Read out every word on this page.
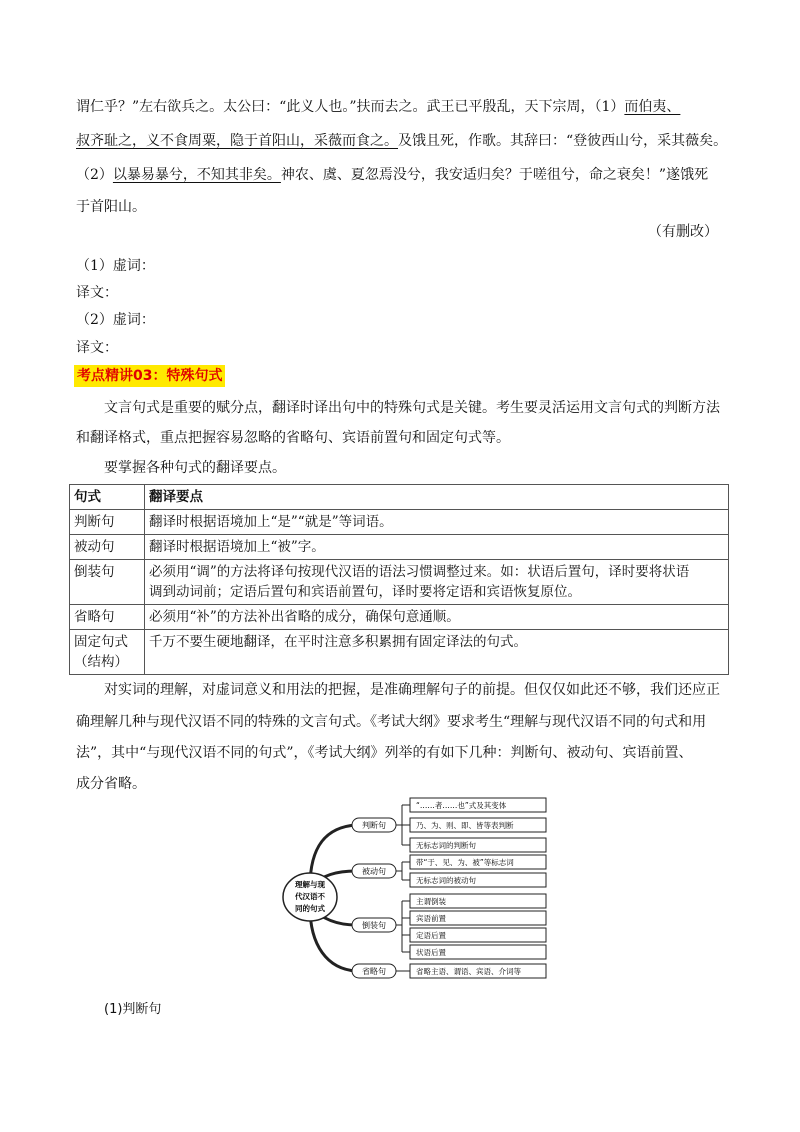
谓仁乎？”左右欲兵之。太公曰：“此义人也。”扶而去之。武王已平殷乱，天下宗周，（1）而伯夷、
叔齐耻之，义不食周粟，隐于首阳山，采薇而食之。及饿且死，作歌。其辞曰：“登彼西山兮，采其薇矣。
（2）以暴易暴兮，不知其非矣。神农、虞、夏忽焉没兮，我安适归矣？于嗟徂兮，命之衰矣！”遂饿死
于首阳山。
（有删改）
（1）虚词：
译文：
（2）虚词：
译文：
考点精讲03：特殊句式
文言句式是重要的赋分点，翻译时译出句中的特殊句式是关键。考生要灵活运用文言句式的判断方法
和翻译格式，重点把握容易忽略的省略句、宾语前置句和固定句式等。
要掌握各种句式的翻译要点。
句式	翻译要点
判断句	翻译时根据语境加上“是”“就是”等词语。
被动句	翻译时根据语境加上“被”字。
倒装句	必须用“调”的方法将译句按现代汉语的语法习惯调整过来。如：状语后置句，译时要将状语
调到动词前；定语后置句和宾语前置句，译时要将定语和宾语恢复原位。

省略句	必须用“补”的方法补出省略的成分，确保句意通顺。

固定句式
（结构）	千万不要生硬地翻译，在平时注意多积累拥有固定译法的句式。
对实词的理解，对虚词意义和用法的把握，是准确理解句子的前提。但仅仅如此还不够，我们还应正
确理解几种与现代汉语不同的特殊的文言句式。《考试大纲》要求考生“理解与现代汉语不同的句式和用
法”，其中“与现代汉语不同的句式”，《考试大纲》列举的有如下几种：判断句、被动句、宾语前置、
成分省略。
理解与现
代汉语不
同的句式
判断句
被动句
倒装句
省略句
“……者……也”式及其变体
乃、为、则、即、皆等表判断
无标志词的判断句
带“于、见、为、被”等标志词
无标志词的被动句
主谓倒装
宾语前置
定语后置
状语后置
省略主语、谓语、宾语、介词等
(1)判断句
